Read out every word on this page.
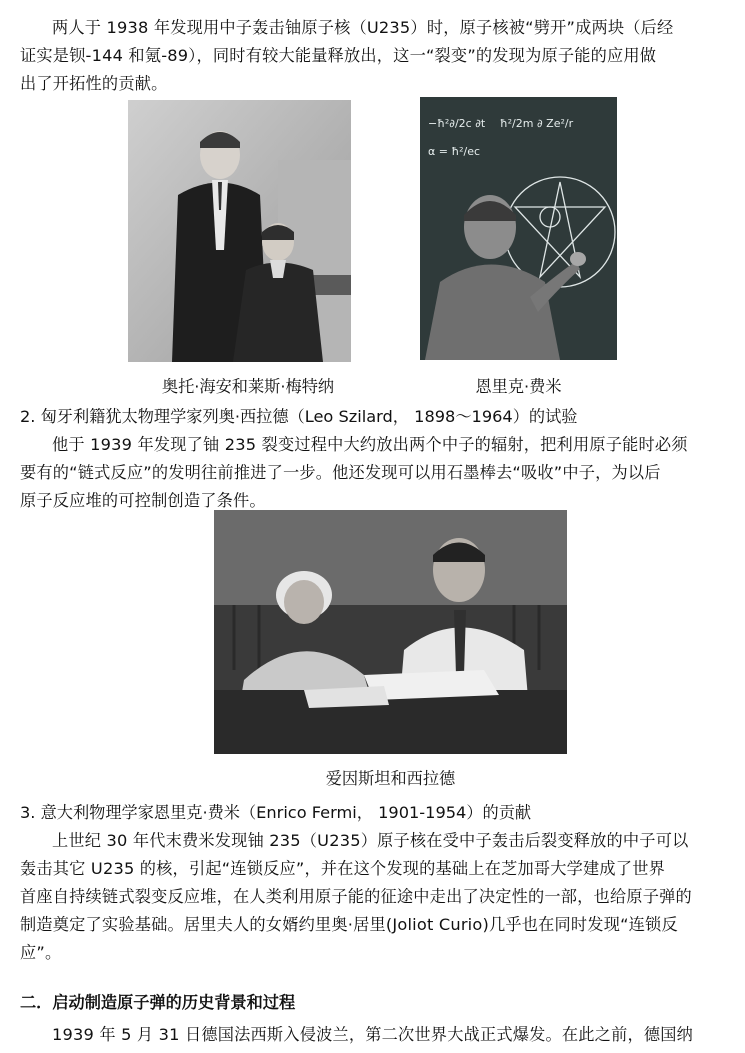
两人于 1938 年发现用中子轰击铀原子核（U235）时，原子核被“劈开”成两块（后经
证实是钡-144 和氪-89），同时有较大能量释放出，这一“裂变”的发现为原子能的应用做
出了开拓性的贡献。
奥托·海安和莱斯·梅特纳
−ħ²∂/2c ∂t ħ²/2m ∂ Ze²/r
α = ħ²/ec
恩里克·费米
2. 匈牙利籍犹太物理学家列奥·西拉德（Leo Szilard， 1898～1964）的试验
他于 1939 年发现了铀 235 裂变过程中大约放出两个中子的辐射，把利用原子能时必须
要有的“链式反应”的发明往前推进了一步。他还发现可以用石墨棒去“吸收”中子，为以后
原子反应堆的可控制创造了条件。
爱因斯坦和西拉德
3. 意大利物理学家恩里克·费米（Enrico Fermi， 1901-1954）的贡献
上世纪 30 年代末费米发现铀 235（U235）原子核在受中子轰击后裂变释放的中子可以
轰击其它 U235 的核，引起“连锁反应”，并在这个发现的基础上在芝加哥大学建成了世界
首座自持续链式裂变反应堆，在人类利用原子能的征途中走出了决定性的一部，也给原子弹的
制造奠定了实验基础。居里夫人的女婿约里奥·居里(Joliot Curio)几乎也在同时发现“连锁反
应”。
二．启动制造原子弹的历史背景和过程
1939 年 5 月 31 日德国法西斯入侵波兰，第二次世界大战正式爆发。在此之前，德国纳
